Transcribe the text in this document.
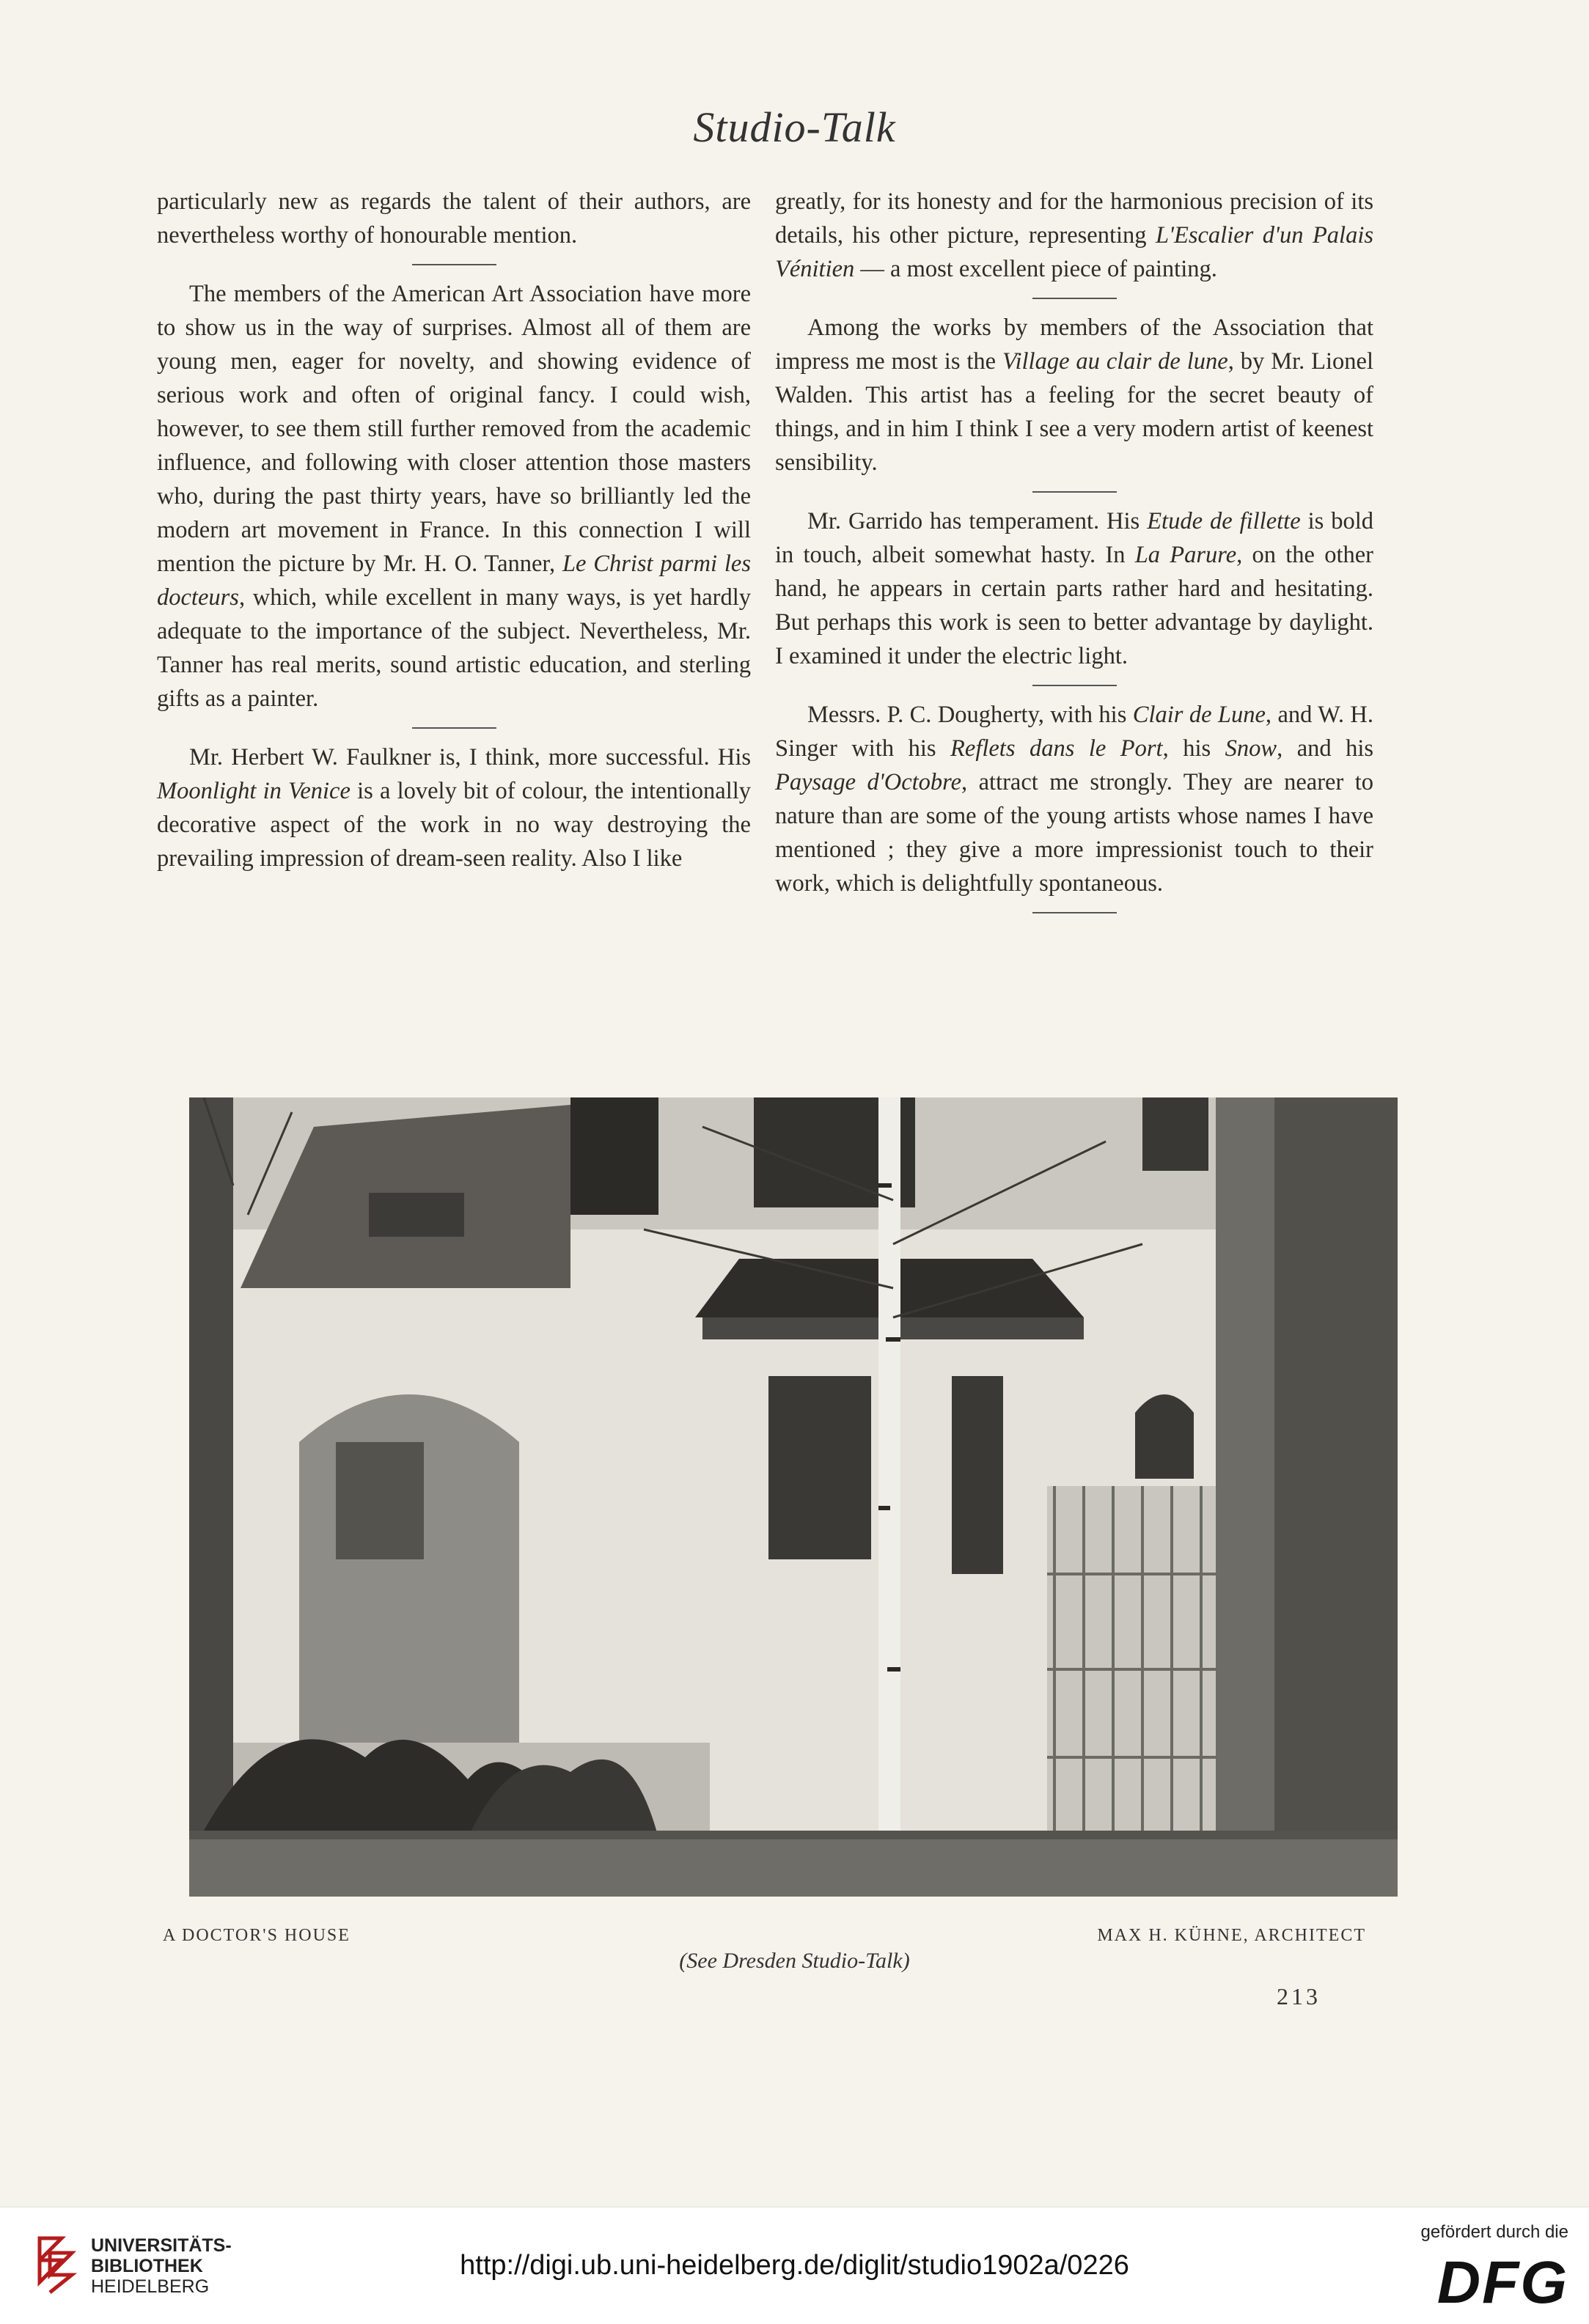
Studio-Talk

particularly new as regards the talent of their authors, are nevertheless worthy of honourable mention.

The members of the American Art Association have more to show us in the way of surprises. Almost all of them are young men, eager for novelty, and showing evidence of serious work and often of original fancy. I could wish, however, to see them still further removed from the academic influence, and following with closer attention those masters who, during the past thirty years, have so brilliantly led the modern art movement in France. In this connection I will mention the picture by Mr. H. O. Tanner, Le Christ parmi les docteurs, which, while excellent in many ways, is yet hardly adequate to the importance of the subject. Nevertheless, Mr. Tanner has real merits, sound artistic education, and sterling gifts as a painter.

Mr. Herbert W. Faulkner is, I think, more successful. His Moonlight in Venice is a lovely bit of colour, the intentionally decorative aspect of the work in no way destroying the prevailing impression of dream-seen reality. Also I like

greatly, for its honesty and for the harmonious precision of its details, his other picture, representing L'Escalier d'un Palais Vénitien — a most excellent piece of painting.

Among the works by members of the Association that impress me most is the Village au clair de lune, by Mr. Lionel Walden. This artist has a feeling for the secret beauty of things, and in him I think I see a very modern artist of keenest sensibility.

Mr. Garrido has temperament. His Etude de fillette is bold in touch, albeit somewhat hasty. In La Parure, on the other hand, he appears in certain parts rather hard and hesitating. But perhaps this work is seen to better advantage by daylight. I examined it under the electric light.

Messrs. P. C. Dougherty, with his Clair de Lune, and W. H. Singer with his Reflets dans le Port, his Snow, and his Paysage d'Octobre, attract me strongly. They are nearer to nature than are some of the young artists whose names I have mentioned ; they give a more impressionist touch to their work, which is delightfully spontaneous.

A DOCTOR'S HOUSE	MAX H. KÜHNE, ARCHITECT
(See Dresden Studio-Talk)
213
UNIVERSITÄTS-
BIBLIOTHEK
HEIDELBERG
http://digi.ub.uni-heidelberg.de/diglit/studio1902a/0226
gefördert durch die
DFG
